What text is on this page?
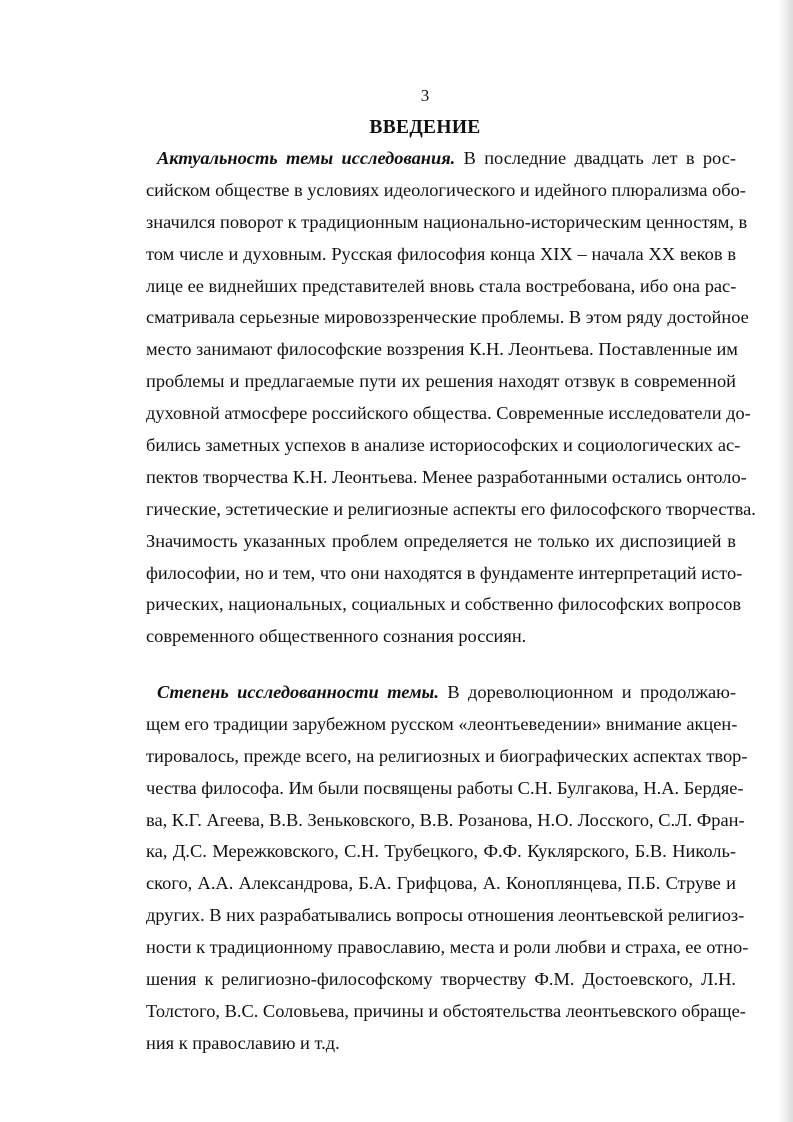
3
ВВЕДЕНИЕ
Актуальность темы исследования. В последние двадцать лет в рос-
сийском обществе в условиях идеологического и идейного плюрализма обо-
значился поворот к традиционным национально-историческим ценностям, в
том числе и духовным. Русская философия конца XIX – начала XX веков в
лице ее виднейших представителей вновь стала востребована, ибо она рас-
сматривала серьезные мировоззренческие проблемы. В этом ряду достойное
место занимают философские воззрения К.Н. Леонтьева. Поставленные им
проблемы и предлагаемые пути их решения находят отзвук в современной
духовной атмосфере российского общества. Современные исследователи до-
бились заметных успехов в анализе историософских и социологических ас-
пектов творчества К.Н. Леонтьева. Менее разработанными остались онтоло-
гические, эстетические и религиозные аспекты его философского творчества.
Значимость указанных проблем определяется не только их диспозицией в
философии, но и тем, что они находятся в фундаменте интерпретаций исто-
рических, национальных, социальных и собственно философских вопросов
современного общественного сознания россиян.
Степень исследованности темы. В дореволюционном и продолжаю-
щем его традиции зарубежном русском «леонтьеведении» внимание акцен-
тировалось, прежде всего, на религиозных и биографических аспектах твор-
чества философа. Им были посвящены работы С.Н. Булгакова, Н.А. Бердяе-
ва, К.Г. Агеева, В.В. Зеньковского, В.В. Розанова, Н.О. Лосского, С.Л. Фран-
ка, Д.С. Мережковского, С.Н. Трубецкого, Ф.Ф. Куклярского, Б.В. Николь-
ского, А.А. Александрова, Б.А. Грифцова, А. Коноплянцева, П.Б. Струве и
других. В них разрабатывались вопросы отношения леонтьевской религиоз-
ности к традиционному православию, места и роли любви и страха, ее отно-
шения к религиозно-философскому творчеству Ф.М. Достоевского, Л.Н.
Толстого, В.С. Соловьева, причины и обстоятельства леонтьевского обраще-
ния к православию и т.д.
